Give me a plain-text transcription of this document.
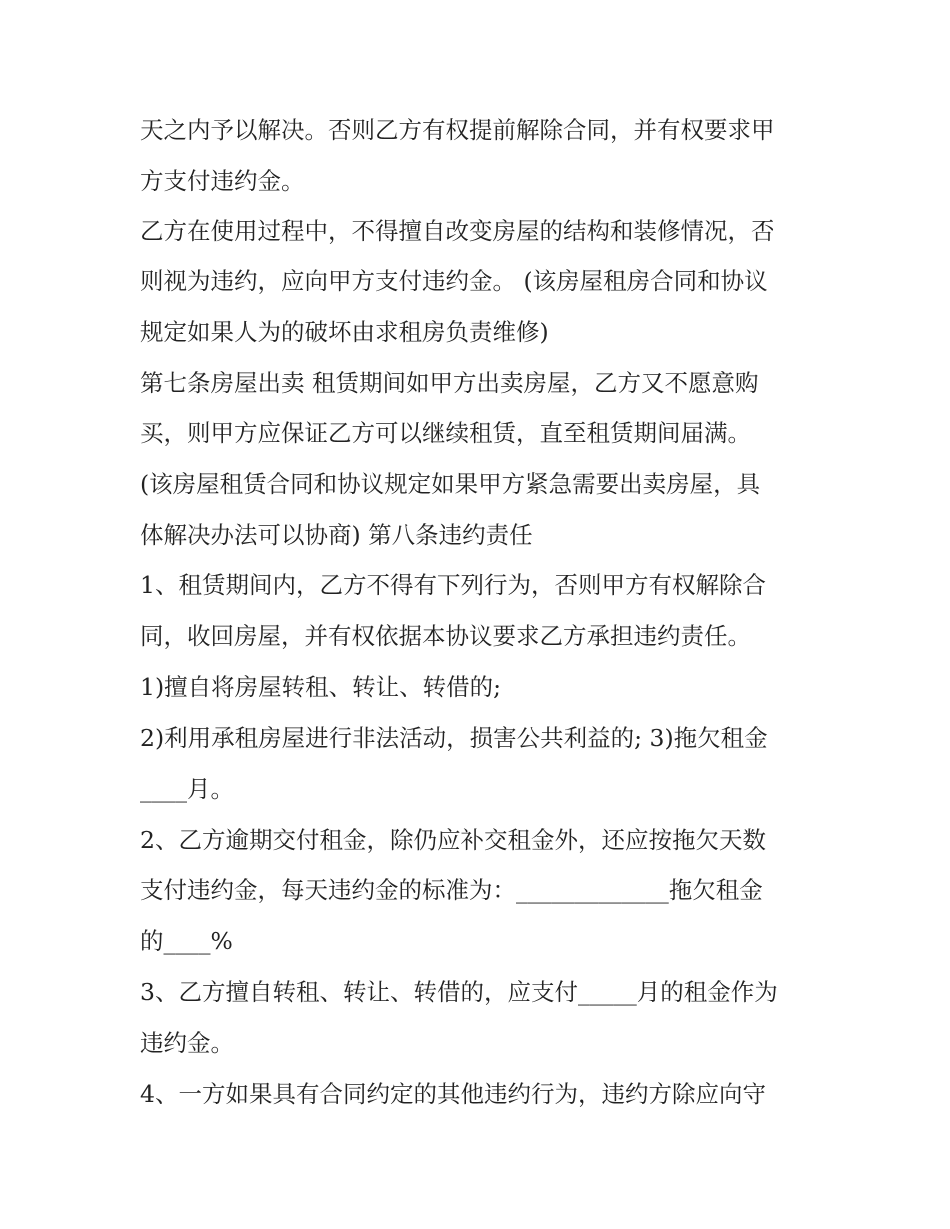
天之内予以解决。否则乙方有权提前解除合同，并有权要求甲
方支付违约金。
乙方在使用过程中，不得擅自改变房屋的结构和装修情况，否
则视为违约，应向甲方支付违约金。 (该房屋租房合同和协议
规定如果人为的破坏由求租房负责维修)
第七条房屋出卖 租赁期间如甲方出卖房屋，乙方又不愿意购
买，则甲方应保证乙方可以继续租赁，直至租赁期间届满。
(该房屋租赁合同和协议规定如果甲方紧急需要出卖房屋，具
体解决办法可以协商) 第八条违约责任
1、租赁期间内，乙方不得有下列行为，否则甲方有权解除合
同，收回房屋，并有权依据本协议要求乙方承担违约责任。
1)擅自将房屋转租、转让、转借的;
2)利用承租房屋进行非法活动，损害公共利益的; 3)拖欠租金
____月。
2、乙方逾期交付租金，除仍应补交租金外，还应按拖欠天数
支付违约金，每天违约金的标准为：_____________拖欠租金
的____%
3、乙方擅自转租、转让、转借的，应支付_____月的租金作为
违约金。
4、一方如果具有合同约定的其他违约行为，违约方除应向守
